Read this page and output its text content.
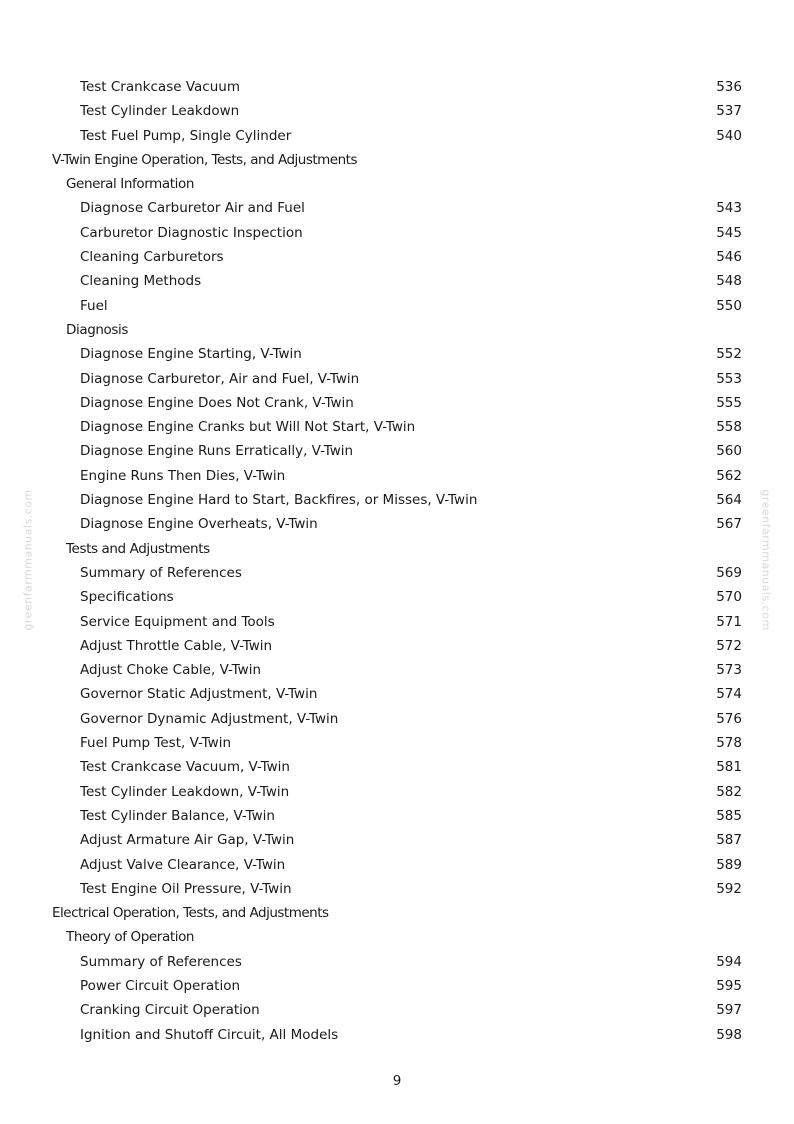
greenfarmmanuals.com	greenfarmmanuals.com
Test Crankcase Vacuum	536
Test Cylinder Leakdown	537
Test Fuel Pump, Single Cylinder	540
V-Twin Engine Operation, Tests, and Adjustments
General Information
Diagnose Carburetor Air and Fuel	543
Carburetor Diagnostic Inspection	545
Cleaning Carburetors	546
Cleaning Methods	548
Fuel	550
Diagnosis
Diagnose Engine Starting, V-Twin	552
Diagnose Carburetor, Air and Fuel, V-Twin	553
Diagnose Engine Does Not Crank, V-Twin	555
Diagnose Engine Cranks but Will Not Start, V-Twin	558
Diagnose Engine Runs Erratically, V-Twin	560
Engine Runs Then Dies, V-Twin	562
Diagnose Engine Hard to Start, Backfires, or Misses, V-Twin	564
Diagnose Engine Overheats, V-Twin	567
Tests and Adjustments
Summary of References	569
Specifications	570
Service Equipment and Tools	571
Adjust Throttle Cable, V-Twin	572
Adjust Choke Cable, V-Twin	573
Governor Static Adjustment, V-Twin	574
Governor Dynamic Adjustment, V-Twin	576
Fuel Pump Test, V-Twin	578
Test Crankcase Vacuum, V-Twin	581
Test Cylinder Leakdown, V-Twin	582
Test Cylinder Balance, V-Twin	585
Adjust Armature Air Gap, V-Twin	587
Adjust Valve Clearance, V-Twin	589
Test Engine Oil Pressure, V-Twin	592
Electrical Operation, Tests, and Adjustments
Theory of Operation
Summary of References	594
Power Circuit Operation	595
Cranking Circuit Operation	597
Ignition and Shutoff Circuit, All Models	598
9
